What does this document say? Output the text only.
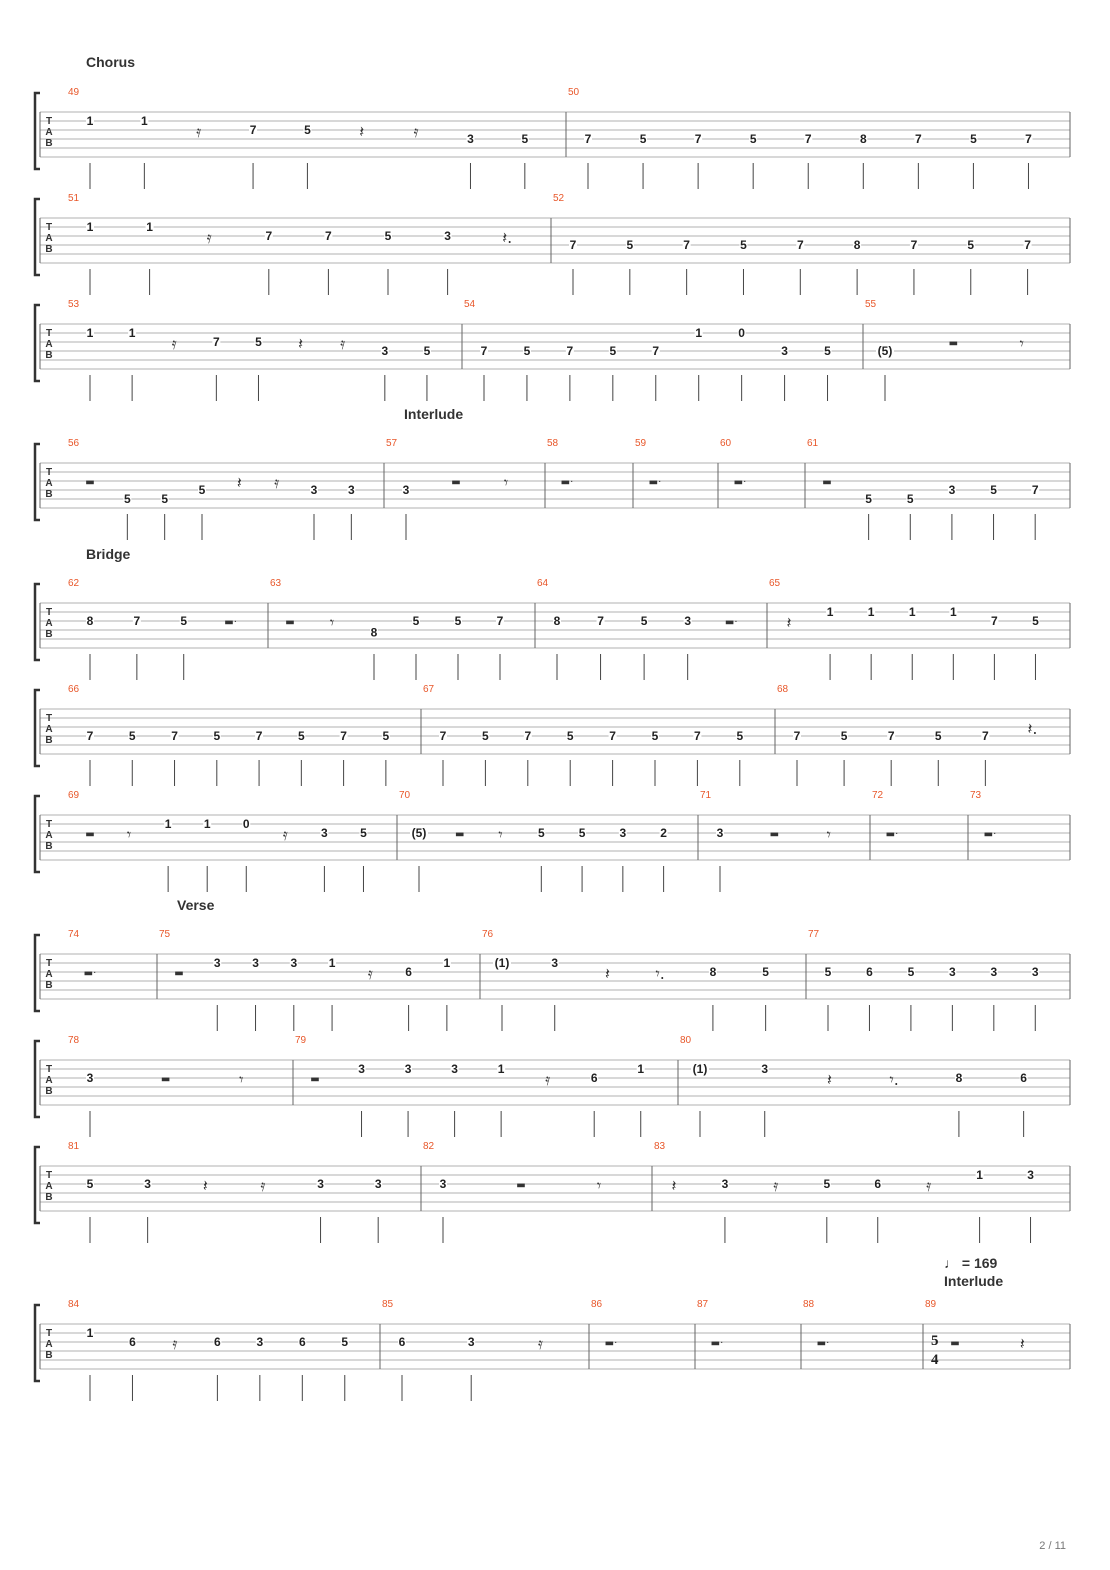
Chorus
Interlude
Bridge
Verse
♩ = 169
Interlude
T
A
B
49
1	1
𝄿	7	5	𝄽	𝄿	3	5
50
7	5	7	5	7	8	7	5	7
T
A
B
51
1	1
𝄿	7	7	5	3	𝄽.
52
7	5	7	5	7	8	7	5	7
T
A
B
53
1	1
𝄿	7	5 𝄽 𝄿	3	5
54
7	5	7	5	7
1	0
3	5
55
(5)
▬	𝄾
T
A
B
56
▬
5	5
5 𝄽 𝄿	3	3
57
3
▬	𝄾
58
▬·
59
▬·
60
▬·
61
▬
5	5
3	5	7
T
A
B
62
8	7	5	▬·
63
▬ 𝄾
8
5	5	7
64
8	7	5	3	▬·
65
𝄽
1	1	1	1
7	5
T
A
B
66
7	5	7	5	7	5	7	5
67
7	5	7	5	7	5	7	5
68
7	5	7	5	7 𝄽.
T
A
B
69
▬ 𝄾
1	1	0
𝄿	3	5
70
(5)	▬ 𝄾	5	5	3	2
71
3	▬	𝄾
72
▬·
73
▬·
T
A
B
74
▬·
75
▬
3	3	3	1
𝄿	6
1
76
(1)	3
𝄽	𝄾.	8	5
77
5	6	5	3	3	3
T
A
B
78
3	▬	𝄾
79
▬
3	3	3	1
𝄿	6
1
80
(1)	3
𝄽	𝄾.	8	6
T
A
B
81
5	3	𝄽	𝄿	3	3
82
3	▬	𝄾
83
𝄽	3	𝄿	5	6	𝄿
1	3
T
A
B
84
1
6 𝄿	6	3	6	5
85
6	3	𝄿
86
▬·
87
▬·
88
▬·
89
5
4
▬	𝄽
2 / 11
